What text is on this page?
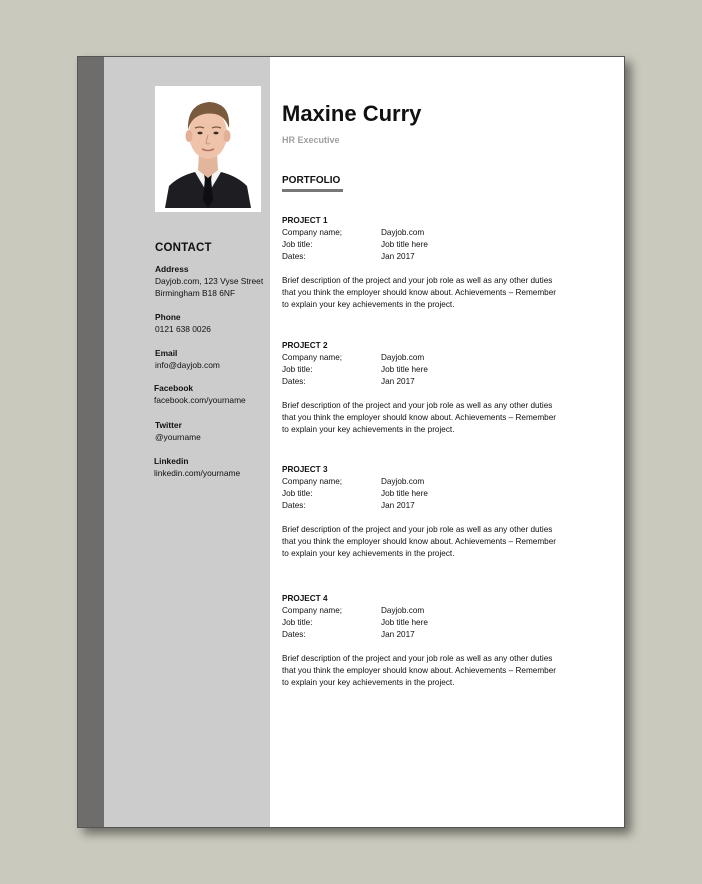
CONTACT
Address
Dayjob.com, 123 Vyse Street
Birmingham B18 6NF
Phone
0121 638 0026
Email
info@dayjob.com
Facebook
facebook.com/yourname
Twitter
@yourname
Linkedin
linkedin.com/yourname
Maxine Curry
HR Executive
PORTFOLIO
PROJECT 1
Company name;	Dayjob.com
Job title:	Job title here
Dates:	Jan 2017
Brief description of the project and your job role as well as any other duties
that you think the employer should know about. Achievements – Remember
to explain your key achievements in the project.
PROJECT 2
Company name;	Dayjob.com
Job title:	Job title here
Dates:	Jan 2017
Brief description of the project and your job role as well as any other duties
that you think the employer should know about. Achievements – Remember
to explain your key achievements in the project.
PROJECT 3
Company name;	Dayjob.com
Job title:	Job title here
Dates:	Jan 2017
Brief description of the project and your job role as well as any other duties
that you think the employer should know about. Achievements – Remember
to explain your key achievements in the project.
PROJECT 4
Company name;	Dayjob.com
Job title:	Job title here
Dates:	Jan 2017
Brief description of the project and your job role as well as any other duties
that you think the employer should know about. Achievements – Remember
to explain your key achievements in the project.
